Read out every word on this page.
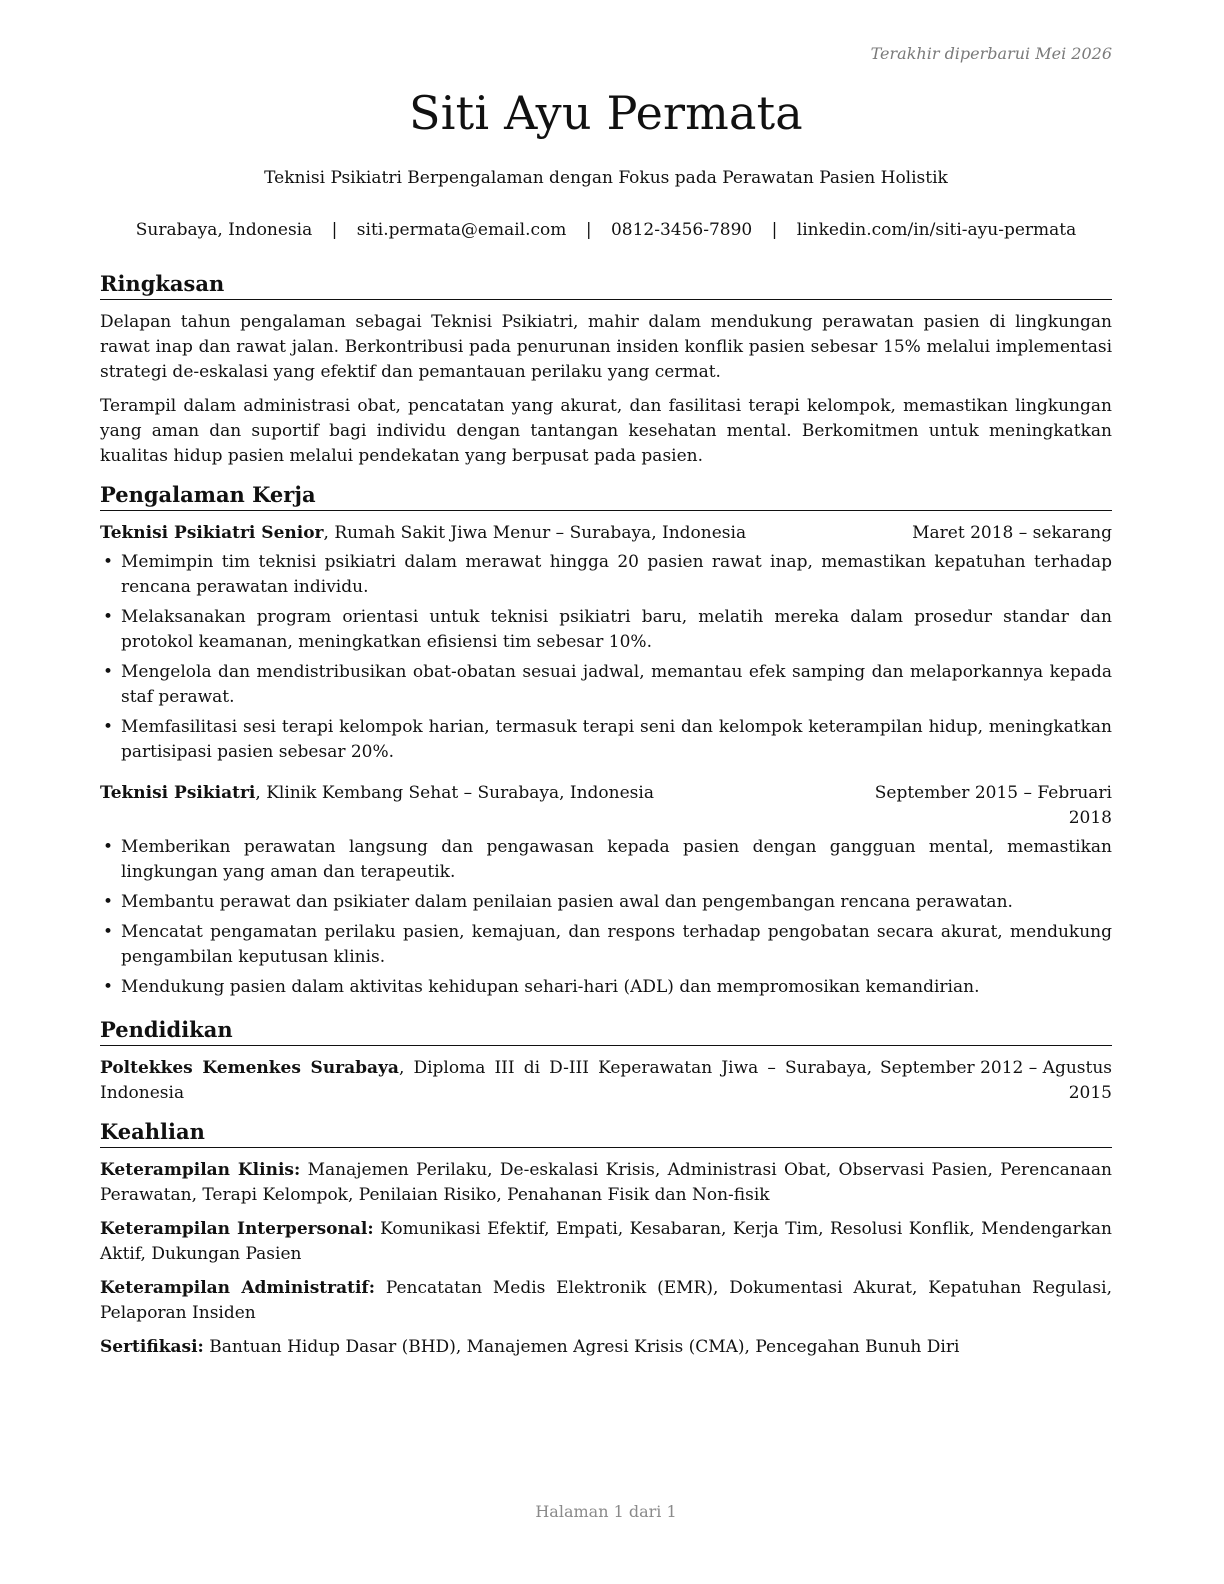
Terakhir diperbarui Mei 2026
Siti Ayu Permata
Teknisi Psikiatri Berpengalaman dengan Fokus pada Perawatan Pasien Holistik
Surabaya, Indonesia | siti.permata@email.com | 0812-3456-7890 | linkedin.com/in/siti-ayu-permata
Ringkasan

Delapan tahun pengalaman sebagai Teknisi Psikiatri, mahir dalam mendukung perawatan pasien di lingkungan rawat inap dan rawat jalan. Berkontribusi pada penurunan insiden konflik pasien sebesar 15% melalui implementasi strategi de-eskalasi yang efektif dan pemantauan perilaku yang cermat.

Terampil dalam administrasi obat, pencatatan yang akurat, dan fasilitasi terapi kelompok, memastikan lingkungan yang aman dan suportif bagi individu dengan tantangan kesehatan mental. Berkomitmen untuk meningkatkan kualitas hidup pasien melalui pendekatan yang berpusat pada pasien.

Pengalaman Kerja
Teknisi Psikiatri Senior, Rumah Sakit Jiwa Menur – Surabaya, Indonesia	Maret 2018 – sekarang
• Memimpin tim teknisi psikiatri dalam merawat hingga 20 pasien rawat inap, memastikan kepatuhan terhadap rencana perawatan individu.
• Melaksanakan program orientasi untuk teknisi psikiatri baru, melatih mereka dalam prosedur standar dan protokol keamanan, meningkatkan efisiensi tim sebesar 10%.
• Mengelola dan mendistribusikan obat-obatan sesuai jadwal, memantau efek samping dan melaporkannya kepada staf perawat.
• Memfasilitasi sesi terapi kelompok harian, termasuk terapi seni dan kelompok keterampilan hidup, meningkatkan partisipasi pasien sebesar 20%.
Teknisi Psikiatri, Klinik Kembang Sehat – Surabaya, Indonesia	September 2015 – Februari 2018
• Memberikan perawatan langsung dan pengawasan kepada pasien dengan gangguan mental, memastikan lingkungan yang aman dan terapeutik.
• Membantu perawat dan psikiater dalam penilaian pasien awal dan pengembangan rencana perawatan.
• Mencatat pengamatan perilaku pasien, kemajuan, dan respons terhadap pengobatan secara akurat, mendukung pengambilan keputusan klinis.
• Mendukung pasien dalam aktivitas kehidupan sehari-hari (ADL) dan mempromosikan kemandirian.
Pendidikan
Poltekkes Kemenkes Surabaya, Diploma III di D-III Keperawatan Jiwa – Surabaya, Indonesia
September 2012 – Agustus 2015
Keahlian

Keterampilan Klinis: Manajemen Perilaku, De-eskalasi Krisis, Administrasi Obat, Observasi Pasien, Perencanaan Perawatan, Terapi Kelompok, Penilaian Risiko, Penahanan Fisik dan Non-fisik

Keterampilan Interpersonal: Komunikasi Efektif, Empati, Kesabaran, Kerja Tim, Resolusi Konflik, Mendengarkan Aktif, Dukungan Pasien

Keterampilan Administratif: Pencatatan Medis Elektronik (EMR), Dokumentasi Akurat, Kepatuhan Regulasi, Pelaporan Insiden

Sertifikasi: Bantuan Hidup Dasar (BHD), Manajemen Agresi Krisis (CMA), Pencegahan Bunuh Diri

Halaman 1 dari 1
